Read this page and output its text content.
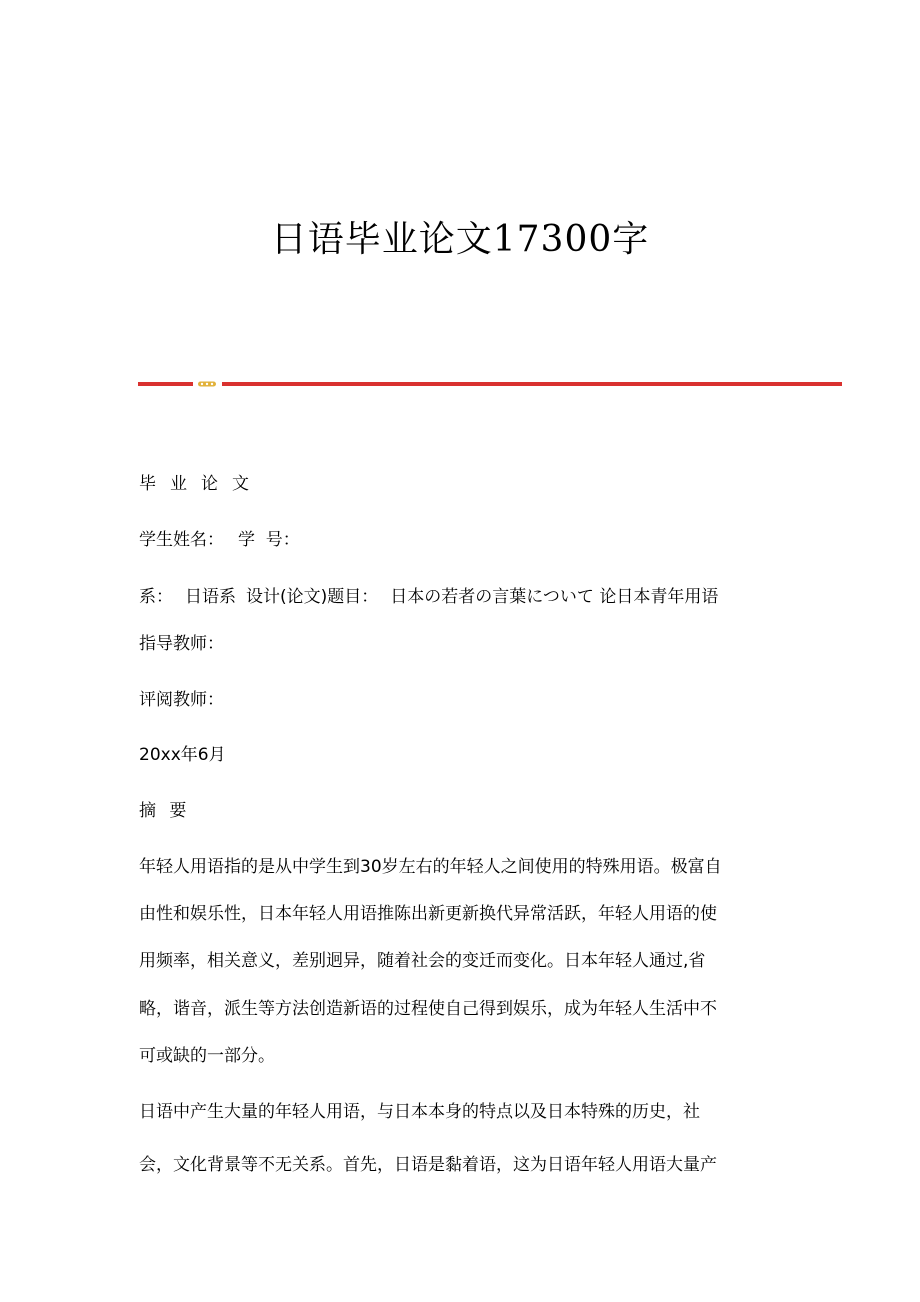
日语毕业论文17300字
毕业论文
学生姓名： 学  号：
系： 日语系 设计(论文)题目： 日本の若者の言葉について 论日本青年用语
指导教师：
评阅教师：
20xx年6月
摘 要
年轻人用语指的是从中学生到30岁左右的年轻人之间使用的特殊用语。极富自
由性和娱乐性，日本年轻人用语推陈出新更新换代异常活跃，年轻人用语的使
用频率，相关意义，差别迥异，随着社会的变迁而变化。日本年轻人通过,省
略，谐音，派生等方法创造新语的过程使自己得到娱乐，成为年轻人生活中不
可或缺的一部分。
日语中产生大量的年轻人用语，与日本本身的特点以及日本特殊的历史，社
会，文化背景等不无关系。首先，日语是黏着语，这为日语年轻人用语大量产
